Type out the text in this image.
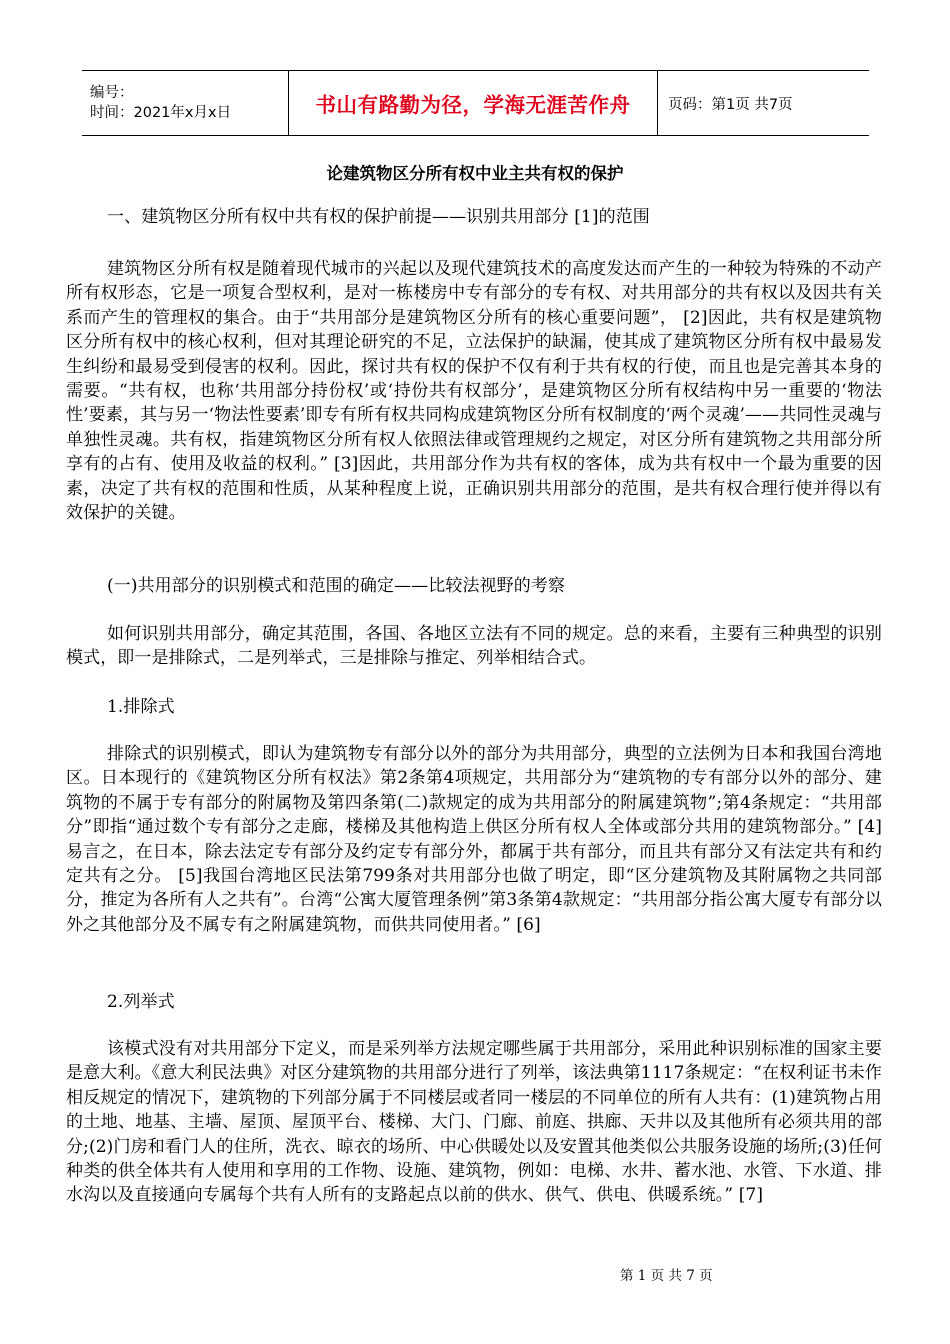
编号：
时间：2021年x月x日	书山有路勤为径，学海无涯苦作舟	页码：第1页 共7页
论建筑物区分所有权中业主共有权的保护
一、建筑物区分所有权中共有权的保护前提——识别共用部分 [1]的范围
建筑物区分所有权是随着现代城市的兴起以及现代建筑技术的高度发达而产生的一种较为特殊的不动产所有权形态，它是一项复合型权利，是对一栋楼房中专有部分的专有权、对共用部分的共有权以及因共有关系而产生的管理权的集合。由于“共用部分是建筑物区分所有的核心重要问题”， [2]因此，共有权是建筑物区分所有权中的核心权利，但对其理论研究的不足，立法保护的缺漏，使其成了建筑物区分所有权中最易发生纠纷和最易受到侵害的权利。因此，探讨共有权的保护不仅有利于共有权的行使，而且也是完善其本身的需要。“共有权，也称‘共用部分持份权’或‘持份共有权部分’，是建筑物区分所有权结构中另一重要的‘物法性’要素，其与另一‘物法性要素’即专有所有权共同构成建筑物区分所有权制度的‘两个灵魂’——共同性灵魂与单独性灵魂。共有权，指建筑物区分所有权人依照法律或管理规约之规定，对区分所有建筑物之共用部分所享有的占有、使用及收益的权利。” [3]因此，共用部分作为共有权的客体，成为共有权中一个最为重要的因素，决定了共有权的范围和性质，从某种程度上说，正确识别共用部分的范围，是共有权合理行使并得以有效保护的关键。
(一)共用部分的识别模式和范围的确定——比较法视野的考察
如何识别共用部分，确定其范围，各国、各地区立法有不同的规定。总的来看，主要有三种典型的识别模式，即一是排除式，二是列举式，三是排除与推定、列举相结合式。
1.排除式
排除式的识别模式，即认为建筑物专有部分以外的部分为共用部分，典型的立法例为日本和我国台湾地区。日本现行的《建筑物区分所有权法》第2条第4项规定，共用部分为“建筑物的专有部分以外的部分、建筑物的不属于专有部分的附属物及第四条第(二)款规定的成为共用部分的附属建筑物”;第4条规定：“共用部分”即指“通过数个专有部分之走廊，楼梯及其他构造上供区分所有权人全体或部分共用的建筑物部分。” [4]易言之，在日本，除去法定专有部分及约定专有部分外，都属于共有部分，而且共有部分又有法定共有和约定共有之分。 [5]我国台湾地区民法第799条对共用部分也做了明定，即“区分建筑物及其附属物之共同部分，推定为各所有人之共有”。台湾“公寓大厦管理条例”第3条第4款规定：“共用部分指公寓大厦专有部分以外之其他部分及不属专有之附属建筑物，而供共同使用者。” [6]
2.列举式
该模式没有对共用部分下定义，而是采列举方法规定哪些属于共用部分，采用此种识别标准的国家主要是意大利。《意大利民法典》对区分建筑物的共用部分进行了列举，该法典第1117条规定：“在权利证书未作相反规定的情况下，建筑物的下列部分属于不同楼层或者同一楼层的不同单位的所有人共有：(1)建筑物占用的土地、地基、主墙、屋顶、屋顶平台、楼梯、大门、门廊、前庭、拱廊、天井以及其他所有必须共用的部分;(2)门房和看门人的住所，洗衣、晾衣的场所、中心供暖处以及安置其他类似公共服务设施的场所;(3)任何种类的供全体共有人使用和享用的工作物、设施、建筑物，例如：电梯、水井、蓄水池、水管、下水道、排水沟以及直接通向专属每个共有人所有的支路起点以前的供水、供气、供电、供暖系统。” [7]
第 1 页 共 7 页
